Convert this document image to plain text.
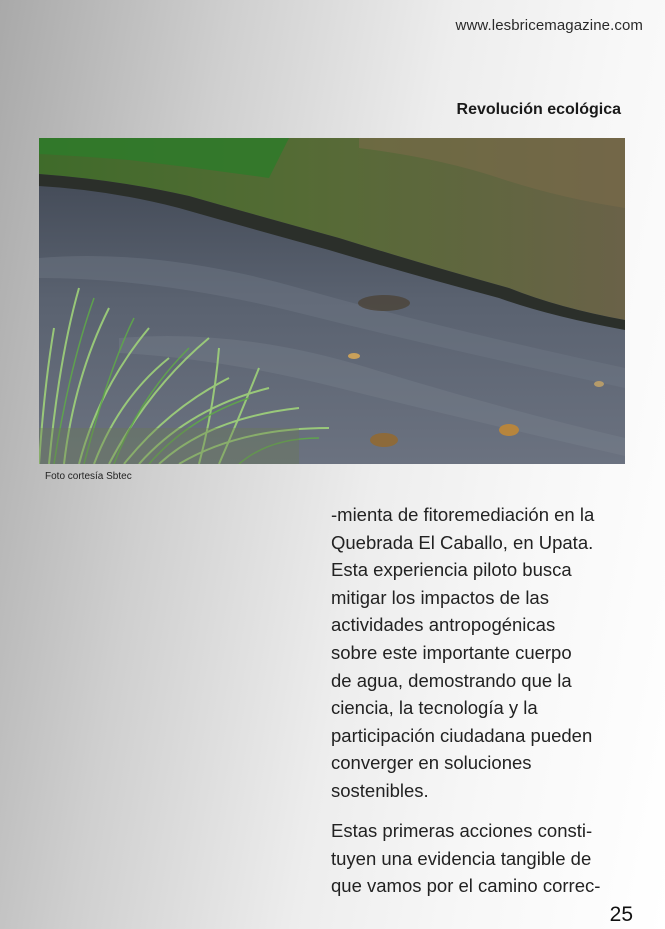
www.lesbricemagazine.com
Revolución ecológica
Foto cortesía Sbtec

-mienta de fitoremediación en la
Quebrada El Caballo, en Upata.
Esta experiencia piloto busca
mitigar los impactos de las
actividades antropogénicas
sobre este importante cuerpo
de agua, demostrando que la
ciencia, la tecnología y la
participación ciudadana pueden
converger en soluciones
sostenibles.

Estas primeras acciones consti-
tuyen una evidencia tangible de
que vamos por el camino correc-

25
